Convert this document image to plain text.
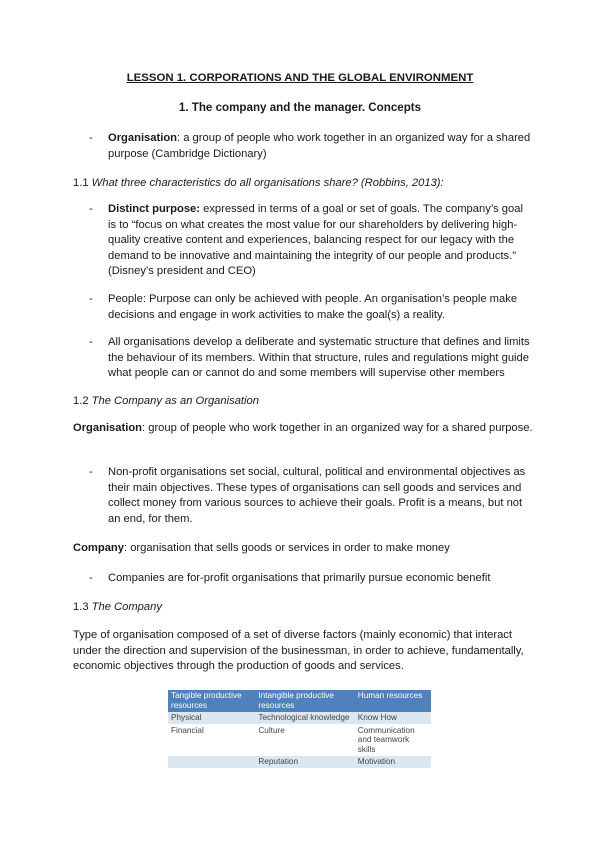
LESSON 1. CORPORATIONS AND THE GLOBAL ENVIRONMENT
1. The company and the manager. Concepts
- Organisation: a group of people who work together in an organized way for a shared purpose (Cambridge Dictionary)
1.1 What three characteristics do all organisations share? (Robbins, 2013):
- Distinct purpose: expressed in terms of a goal or set of goals. The company’s goal is to “focus on what creates the most value for our shareholders by delivering high-quality creative content and experiences, balancing respect for our legacy with the demand to be innovative and maintaining the integrity of our people and products.” (Disney’s president and CEO)
- People: Purpose can only be achieved with people. An organisation’s people make decisions and engage in work activities to make the goal(s) a reality.
- All organisations develop a deliberate and systematic structure that defines and limits the behaviour of its members. Within that structure, rules and regulations might guide what people can or cannot do and some members will supervise other members
1.2 The Company as an Organisation
Organisation: group of people who work together in an organized way for a shared purpose.
- Non-profit organisations set social, cultural, political and environmental objectives as their main objectives. These types of organisations can sell goods and services and collect money from various sources to achieve their goals. Profit is a means, but not an end, for them.
Company: organisation that sells goods or services in order to make money
- Companies are for-profit organisations that primarily pursue economic benefit
1.3 The Company
Type of organisation composed of a set of diverse factors (mainly economic) that interact under the direction and supervision of the businessman, in order to achieve, fundamentally, economic objectives through the production of goods and services.
Tangible productive resources	Intangible productive resources	Human resources
Physical	Technological knowledge	Know How
Financial	Culture	Communication and teamwork skills
	Reputation	Motivation
